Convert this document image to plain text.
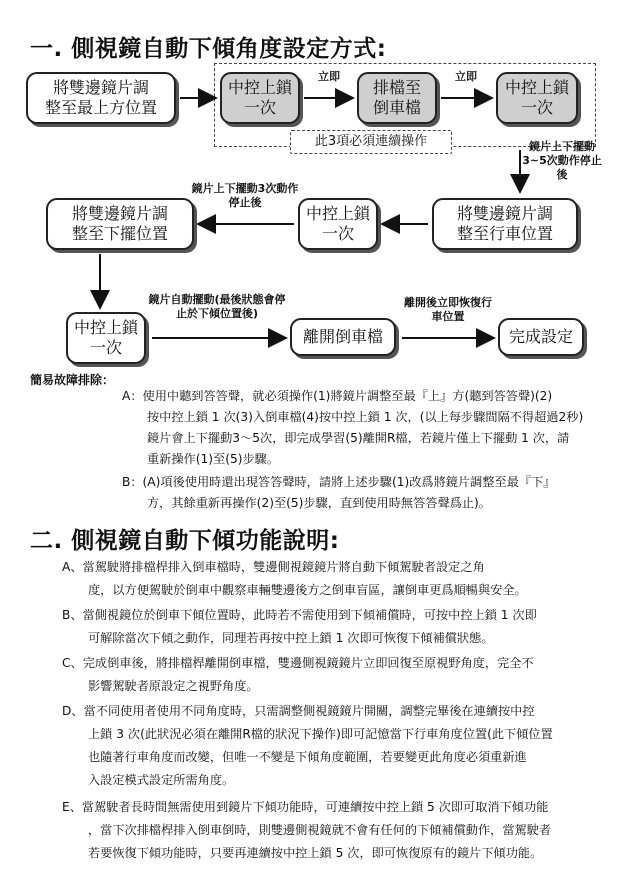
一. 側視鏡自動下傾角度設定方式:
此3項必須連續操作
將雙邊鏡片調
整至最上方位置
中控上鎖
一次
排檔至
倒車檔
中控上鎖
一次
立即	立即
鏡片上下擺動3~5次動作停止後
將雙邊鏡片調
整至行車位置
中控上鎖
一次
將雙邊鏡片調
整至下擺位置
鏡片上下擺動3次動作停止後
中控上鎖
一次
離開倒車檔	完成設定
鏡片自動擺動(最後狀態會停止於下傾位置後)
離開後立即恢復行車位置
簡易故障排除：
A：使用中聽到答答聲，就必須操作(1)將鏡片調整至最『上』方(聽到答答聲)(2)
按中控上鎖 1 次(3)入倒車檔(4)按中控上鎖 1 次，(以上每步驟間隔不得超過2秒)
鏡片會上下擺動3～5次，即完成學習(5)離開R檔，若鏡片僅上下擺動 1 次，請
重新操作(1)至(5)步驟。
B：(A)項後使用時還出現答答聲時，請將上述步驟(1)改爲將鏡片調整至最『下』
方，其餘重新再操作(2)至(5)步驟，直到使用時無答答聲爲止)。
二. 側視鏡自動下傾功能說明:
A、當駕駛將排檔桿排入倒車檔時，雙邊側視鏡鏡片將自動下傾駕駛者設定之角
度，以方便駕駛於倒車中觀察車輛雙邊後方之倒車盲區，讓倒車更爲順暢與安全。
B、當側視鏡位於倒車下傾位置時，此時若不需使用到下傾補償時，可按中控上鎖 1 次即
可解除當次下傾之動作，同理若再按中控上鎖 1 次即可恢復下傾補償狀態。
C、完成倒車後，將排檔桿離開倒車檔，雙邊側視鏡鏡片立即回復至原視野角度，完全不
影響駕駛者原設定之視野角度。
D、當不同使用者使用不同角度時，只需調整側視鏡鏡片開關，調整完畢後在連續按中控
上鎖 3 次(此狀況必須在離開R檔的狀況下操作)即可記憶當下行車角度位置(此下傾位置
也隨著行車角度而改變，但唯一不變是下傾角度範圍，若要變更此角度必須重新進
入設定模式設定所需角度。
E、當駕駛者長時間無需使用到鏡片下傾功能時，可連續按中控上鎖 5 次即可取消下傾功能
，當下次排檔桿排入倒車倒時，則雙邊側視鏡就不會有任何的下傾補償動作，當駕駛者
若要恢復下傾功能時，只要再連續按中控上鎖 5 次，即可恢復原有的鏡片下傾功能。
